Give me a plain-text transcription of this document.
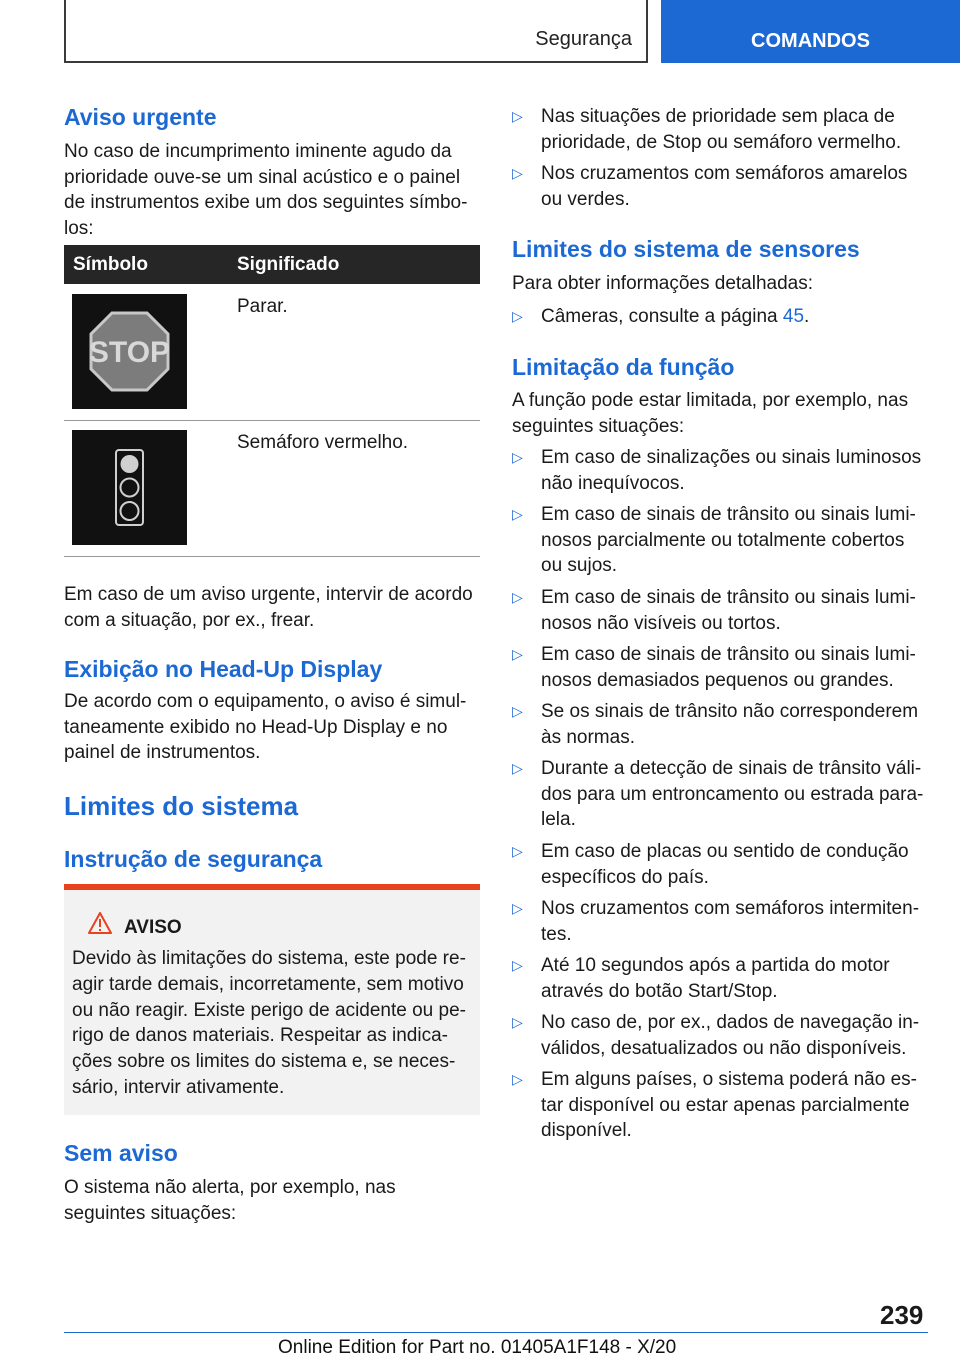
Segurança	COMANDOS
Aviso urgente
No caso de incumprimento iminente agudo da prioridade ouve-se um sinal acústico e o painel de instrumentos exibe um dos seguintes símbo-los:
Símbolo	Significado
STOP
Parar.
Semáforo vermelho.
Em caso de um aviso urgente, intervir de acordo com a situação, por ex., frear.
Exibição no Head-Up Display
De acordo com o equipamento, o aviso é simul-taneamente exibido no Head-Up Display e no painel de instrumentos.
Limites do sistema
Instrução de segurança
AVISO
Devido às limitações do sistema, este pode re-agir tarde demais, incorretamente, sem motivo ou não reagir. Existe perigo de acidente ou pe-rigo de danos materiais. Respeitar as indica-ções sobre os limites do sistema e, se neces-sário, intervir ativamente.
Sem aviso
O sistema não alerta, por exemplo, nas seguintes situações:
▷ Nas situações de prioridade sem placa de prioridade, de Stop ou semáforo vermelho.
▷ Nos cruzamentos com semáforos amarelos ou verdes.
Limites do sistema de sensores
Para obter informações detalhadas:
▷ Câmeras, consulte a página 45.
Limitação da função
A função pode estar limitada, por exemplo, nas seguintes situações:
▷ Em caso de sinalizações ou sinais luminosos não inequívocos.
▷ Em caso de sinais de trânsito ou sinais lumi-nosos parcialmente ou totalmente cobertos ou sujos.
▷ Em caso de sinais de trânsito ou sinais lumi-nosos não visíveis ou tortos.
▷ Em caso de sinais de trânsito ou sinais lumi-nosos demasiados pequenos ou grandes.
▷ Se os sinais de trânsito não corresponderem às normas.
▷ Durante a detecção de sinais de trânsito váli-dos para um entroncamento ou estrada para-lela.
▷ Em caso de placas ou sentido de condução específicos do país.
▷ Nos cruzamentos com semáforos intermiten-tes.
▷ Até 10 segundos após a partida do motor através do botão Start/Stop.
▷ No caso de, por ex., dados de navegação in-válidos, desatualizados ou não disponíveis.
▷ Em alguns países, o sistema poderá não es-tar disponível ou estar apenas parcialmente disponível.
239
Online Edition for Part no. 01405A1F148 - X/20
